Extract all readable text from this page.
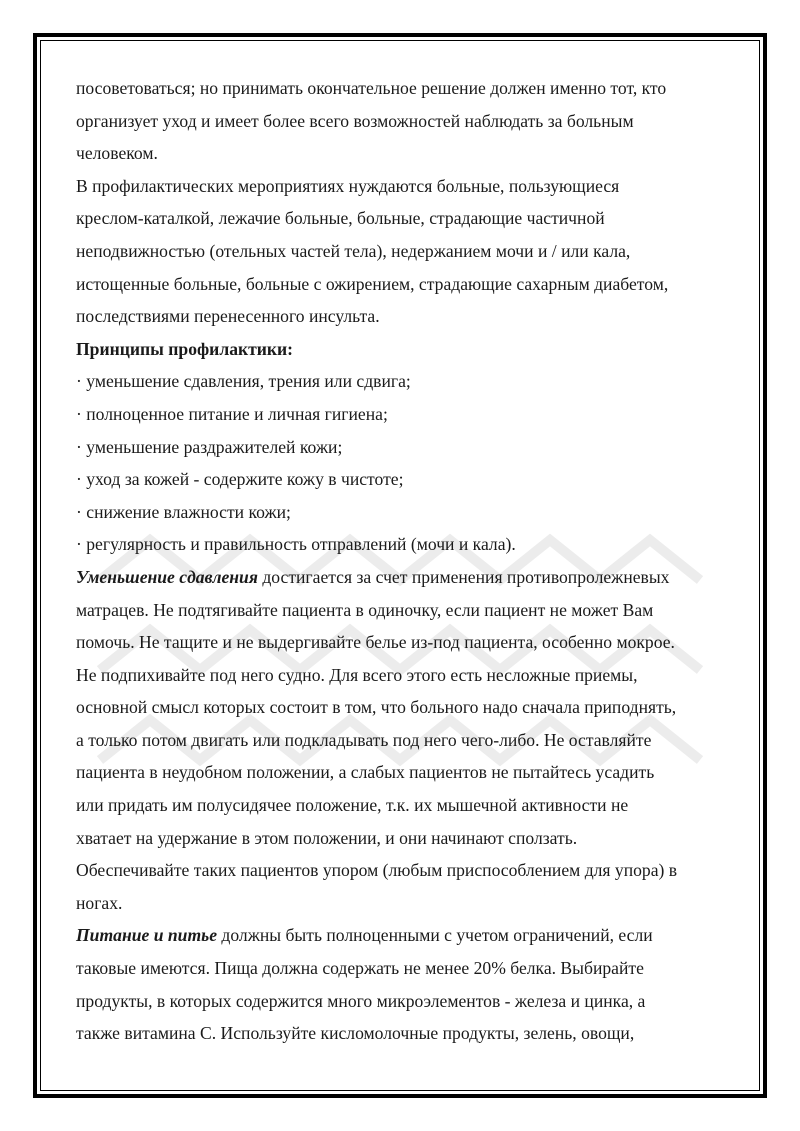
посоветоваться; но принимать окончательное решение должен именно тот, кто

организует уход и имеет более всего возможностей наблюдать за больным

человеком.

В профилактических мероприятиях нуждаются больные, пользующиеся

креслом-каталкой, лежачие больные, больные, страдающие частичной

неподвижностью (отельных частей тела), недержанием мочи и / или кала,

истощенные больные, больные с ожирением, страдающие сахарным диабетом,

последствиями перенесенного инсульта.

Принципы профилактики:

· уменьшение сдавления, трения или сдвига;

· полноценное питание и личная гигиена;

· уменьшение раздражителей кожи;

· уход за кожей - содержите кожу в чистоте;

· снижение влажности кожи;

· регулярность и правильность отправлений (мочи и кала).

Уменьшение сдавления достигается за счет применения противопролежневых

матрацев. Не подтягивайте пациента в одиночку, если пациент не может Вам

помочь. Не тащите и не выдергивайте белье из-под пациента, особенно мокрое.

Не подпихивайте под него судно. Для всего этого есть несложные приемы,

основной смысл которых состоит в том, что больного надо сначала приподнять,

а только потом двигать или подкладывать под него чего-либо. Не оставляйте

пациента в неудобном положении, а слабых пациентов не пытайтесь усадить

или придать им полусидячее положение, т.к. их мышечной активности не

хватает на удержание в этом положении, и они начинают сползать.

Обеспечивайте таких пациентов упором (любым приспособлением для упора) в

ногах.

Питание и питье должны быть полноценными с учетом ограничений, если

таковые имеются. Пища должна содержать не менее 20% белка. Выбирайте

продукты, в которых содержится много микроэлементов - железа и цинка, а

также витамина С. Используйте кисломолочные продукты, зелень, овощи,
